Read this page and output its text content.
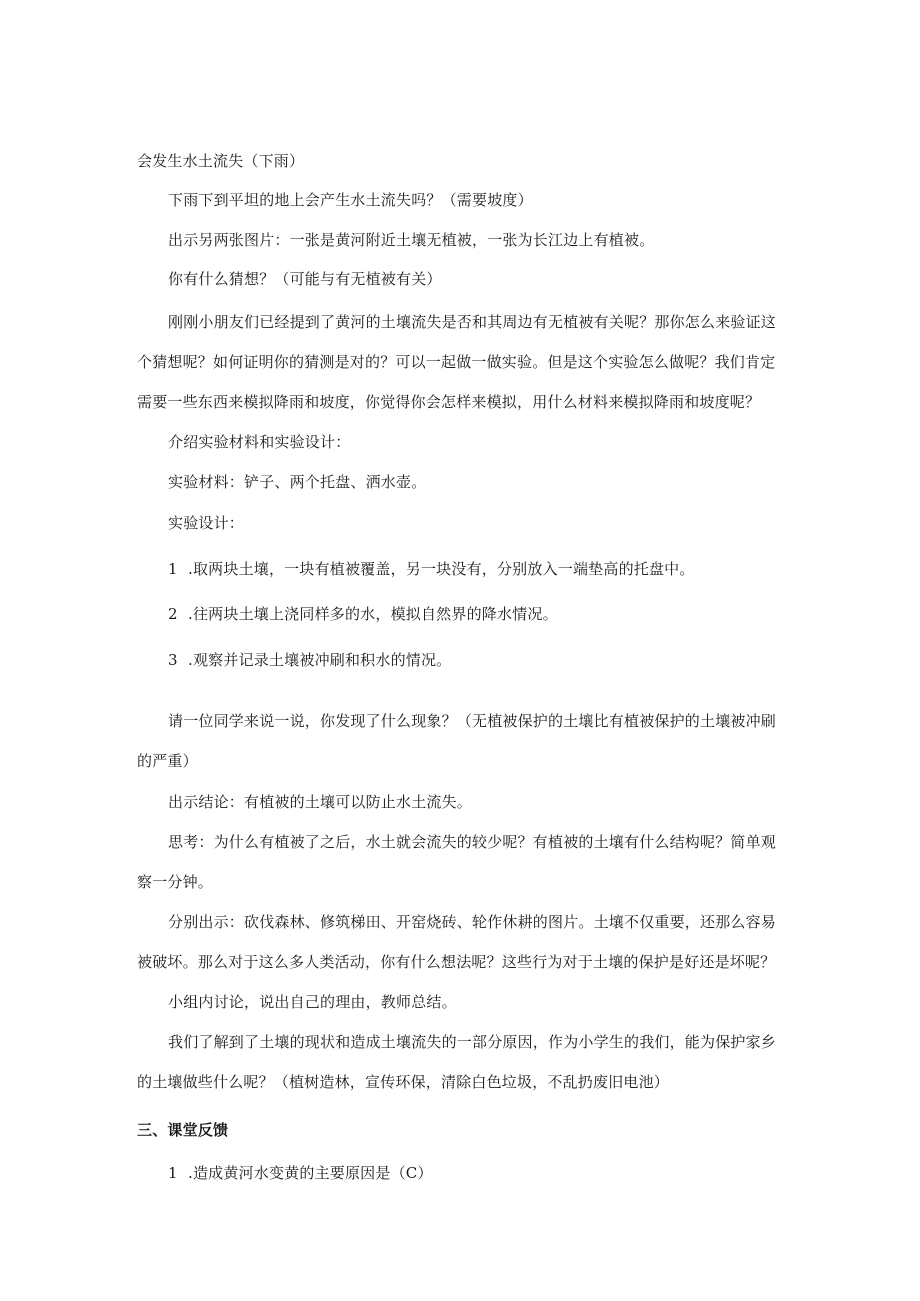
会发生水土流失（下雨）
下雨下到平坦的地上会产生水土流失吗？（需要坡度）
出示另两张图片：一张是黄河附近土壤无植被，一张为长江边上有植被。
你有什么猜想？（可能与有无植被有关）
刚刚小朋友们已经提到了黄河的土壤流失是否和其周边有无植被有关呢？那你怎么来验证这
个猜想呢？如何证明你的猜测是对的？可以一起做一做实验。但是这个实验怎么做呢？我们肯定
需要一些东西来模拟降雨和坡度，你觉得你会怎样来模拟，用什么材料来模拟降雨和坡度呢？
介绍实验材料和实验设计：
实验材料：铲子、两个托盘、洒水壶。
实验设计：
1 .取两块土壤，一块有植被覆盖，另一块没有，分别放入一端垫高的托盘中。
2 .往两块土壤上浇同样多的水，模拟自然界的降水情况。
3 .观察并记录土壤被冲刷和积水的情况。
请一位同学来说一说，你发现了什么现象？（无植被保护的土壤比有植被保护的土壤被冲刷
的严重）
出示结论：有植被的土壤可以防止水土流失。
思考：为什么有植被了之后，水土就会流失的较少呢？有植被的土壤有什么结构呢？简单观
察一分钟。
分别出示：砍伐森林、修筑梯田、开窑烧砖、轮作休耕的图片。土壤不仅重要，还那么容易
被破坏。那么对于这么多人类活动，你有什么想法呢？这些行为对于土壤的保护是好还是坏呢？
小组内讨论，说出自己的理由，教师总结。
我们了解到了土壤的现状和造成土壤流失的一部分原因，作为小学生的我们，能为保护家乡
的土壤做些什么呢？（植树造林，宣传环保，清除白色垃圾，不乱扔废旧电池）
三、课堂反馈
1 .造成黄河水变黄的主要原因是（C）
